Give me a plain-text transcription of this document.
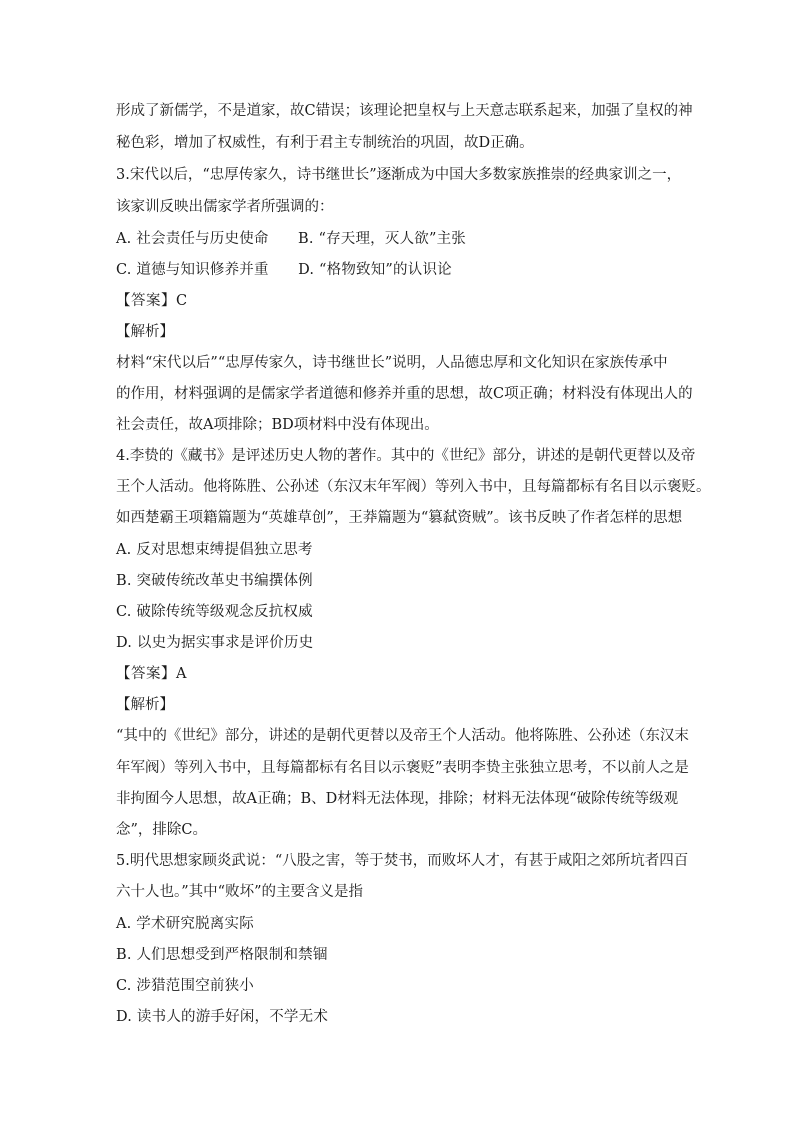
形成了新儒学，不是道家，故C错误；该理论把皇权与上天意志联系起来，加强了皇权的神
秘色彩，增加了权威性，有利于君主专制统治的巩固，故D正确。
3.宋代以后，“忠厚传家久，诗书继世长”逐渐成为中国大多数家族推崇的经典家训之一，
该家训反映出儒家学者所强调的：
A. 社会责任与历史使命　　B. “存天理，灭人欲”主张
C. 道德与知识修养并重　　D. “格物致知”的认识论
【答案】C
【解析】
材料“宋代以后”“忠厚传家久，诗书继世长”说明，人品德忠厚和文化知识在家族传承中
的作用，材料强调的是儒家学者道德和修养并重的思想，故C项正确；材料没有体现出人的
社会责任，故A项排除；BD项材料中没有体现出。
4.李贽的《藏书》是评述历史人物的著作。其中的《世纪》部分，讲述的是朝代更替以及帝
王个人活动。他将陈胜、公孙述（东汉末年军阀）等列入书中，且每篇都标有名目以示褒贬。
如西楚霸王项籍篇题为“英雄草创”，王莽篇题为“篡弑资贼”。该书反映了作者怎样的思想
A. 反对思想束缚提倡独立思考
B. 突破传统改革史书编撰体例
C. 破除传统等级观念反抗权威
D. 以史为据实事求是评价历史
【答案】A
【解析】
“其中的《世纪》部分，讲述的是朝代更替以及帝王个人活动。他将陈胜、公孙述（东汉末
年军阀）等列入书中，且每篇都标有名目以示褒贬”表明李贽主张独立思考，不以前人之是
非拘囿今人思想，故A正确；B、D材料无法体现，排除；材料无法体现“破除传统等级观
念”，排除C。
5.明代思想家顾炎武说：“八股之害，等于焚书，而败坏人才，有甚于咸阳之郊所坑者四百
六十人也。”其中“败坏”的主要含义是指
A. 学术研究脱离实际
B. 人们思想受到严格限制和禁锢
C. 涉猎范围空前狭小
D. 读书人的游手好闲，不学无术
